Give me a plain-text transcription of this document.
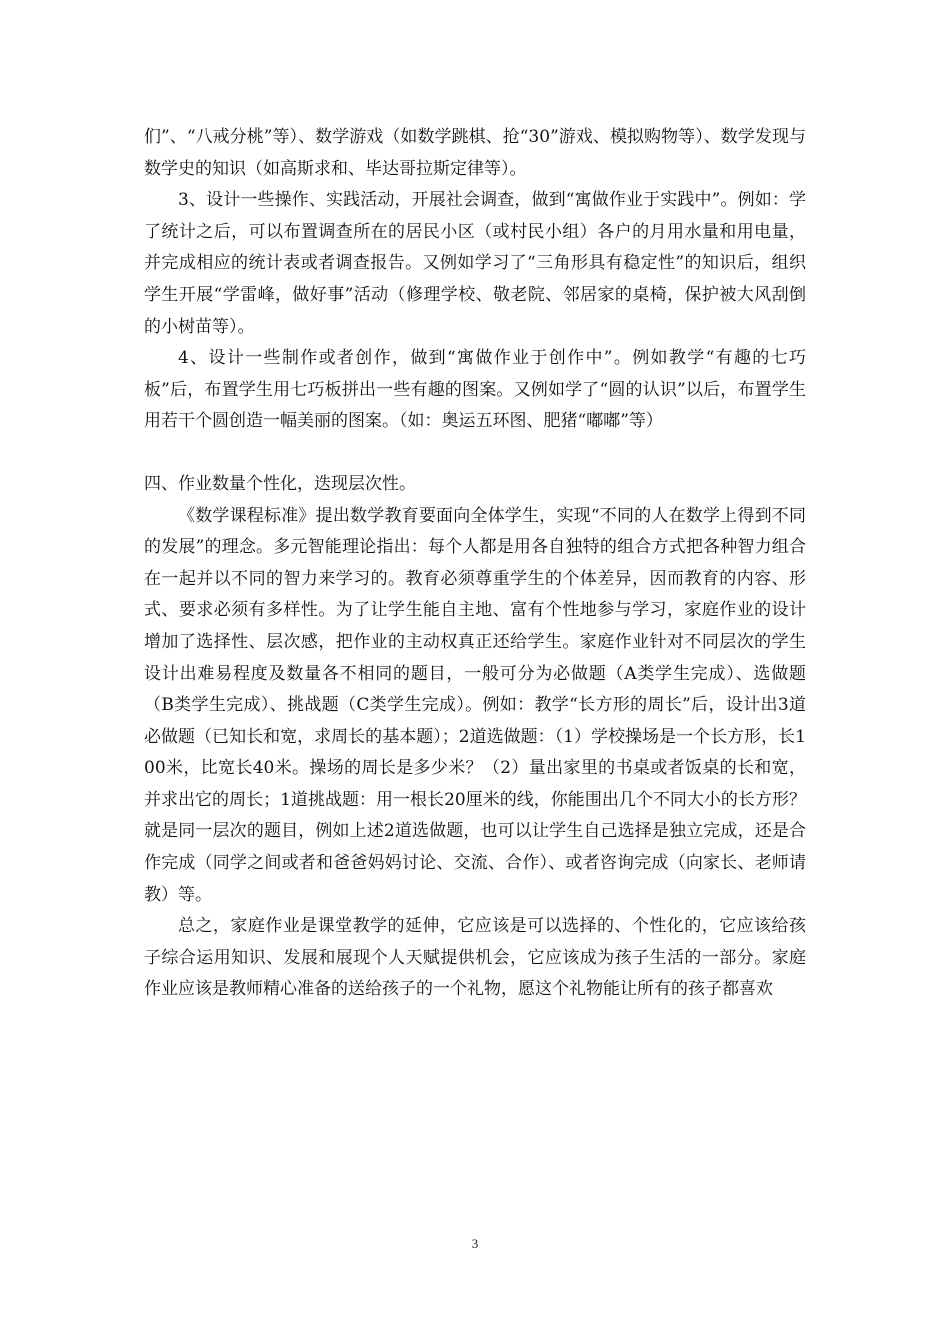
们”、“八戒分桃”等）、数学游戏（如数学跳棋、抢“30”游戏、模拟购物等）、数学发现与数学史的知识（如高斯求和、毕达哥拉斯定律等）。

3、设计一些操作、实践活动，开展社会调查，做到“寓做作业于实践中”。例如：学了统计之后，可以布置调查所在的居民小区（或村民小组）各户的月用水量和用电量，并完成相应的统计表或者调查报告。又例如学习了“三角形具有稳定性”的知识后，组织学生开展“学雷峰，做好事”活动（修理学校、敬老院、邻居家的桌椅，保护被大风刮倒的小树苗等）。

4、设计一些制作或者创作，做到“寓做作业于创作中”。例如教学“有趣的七巧板”后，布置学生用七巧板拼出一些有趣的图案。又例如学了“圆的认识”以后，布置学生用若干个圆创造一幅美丽的图案。（如：奥运五环图、肥猪“嘟嘟”等）

四、作业数量个性化，迭现层次性。

《数学课程标准》提出数学教育要面向全体学生，实现“不同的人在数学上得到不同的发展”的理念。多元智能理论指出：每个人都是用各自独特的组合方式把各种智力组合在一起并以不同的智力来学习的。教育必须尊重学生的个体差异，因而教育的内容、形式、要求必须有多样性。为了让学生能自主地、富有个性地参与学习，家庭作业的设计增加了选择性、层次感，把作业的主动权真正还给学生。家庭作业针对不同层次的学生设计出难易程度及数量各不相同的题目，一般可分为必做题（A类学生完成）、选做题（B类学生完成）、挑战题（C类学生完成）。例如：教学“长方形的周长”后，设计出3道必做题（已知长和宽，求周长的基本题）；2道选做题：（1）学校操场是一个长方形，长100米，比宽长40米。操场的周长是多少米？（2）量出家里的书桌或者饭桌的长和宽，并求出它的周长；1道挑战题：用一根长20厘米的线，你能围出几个不同大小的长方形？就是同一层次的题目，例如上述2道选做题，也可以让学生自己选择是独立完成，还是合作完成（同学之间或者和爸爸妈妈讨论、交流、合作）、或者咨询完成（向家长、老师请教）等。

总之，家庭作业是课堂教学的延伸，它应该是可以选择的、个性化的，它应该给孩子综合运用知识、发展和展现个人天赋提供机会，它应该成为孩子生活的一部分。家庭作业应该是教师精心准备的送给孩子的一个礼物，愿这个礼物能让所有的孩子都喜欢

3
